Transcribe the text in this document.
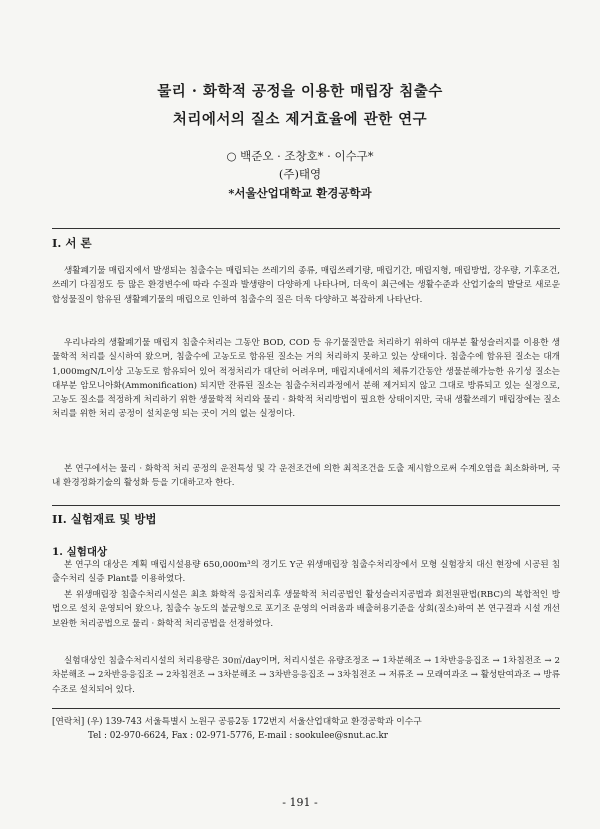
물리 · 화학적 공정을 이용한 매립장 침출수
처리에서의 질소 제거효율에 관한 연구
○ 백준오 · 조창호* · 이수구*
(주)태영
*서울산업대학교 환경공학과
I. 서 론
생활폐기물 매립지에서 발생되는 침출수는 매립되는 쓰레기의 종류, 매립쓰레기량, 매립기간, 매립지형, 매립방법, 강우량, 기후조건, 쓰레기 다짐정도 등 많은 환경변수에 따라 수질과 발생량이 다양하게 나타나며, 더욱이 최근에는 생활수준과 산업기술의 발달로 새로운 합성물질이 함유된 생활폐기물의 매립으로 인하여 침출수의 질은 더욱 다양하고 복잡하게 나타난다.
우리나라의 생활폐기물 매립지 침출수처리는 그동안 BOD, COD 등 유기물질만을 처리하기 위하여 대부분 활성슬러지를 이용한 생물학적 처리를 실시하여 왔으며, 침출수에 고농도로 함유된 질소는 거의 처리하지 못하고 있는 상태이다. 침출수에 함유된 질소는 대개 1,000mgN/L이상 고농도로 함유되어 있어 적정처리가 대단히 어려우며, 매립지내에서의 체류기간동안 생물분해가능한 유기성 질소는 대부분 암모니아화(Ammonification) 되지만 잔류된 질소는 침출수처리과정에서 분해 제거되지 않고 그대로 방류되고 있는 실정으로, 고농도 질소를 적정하게 처리하기 위한 생물학적 처리와 물리 · 화학적 처리방법이 필요한 상태이지만, 국내 생활쓰레기 매립장에는 질소처리를 위한 처리 공정이 설치운영 되는 곳이 거의 없는 실정이다.
본 연구에서는 물리 · 화학적 처리 공정의 운전특성 및 각 운전조건에 의한 최적조건을 도출 제시함으로써 수계오염을 최소화하며, 국내 환경정화기술의 활성화 등을 기대하고자 한다.
II. 실험재료 및 방법
1. 실험대상
본 연구의 대상은 계획 매립시설용량 650,000m³의 경기도 Y군 위생매립장 침출수처리장에서 모형 실험장치 대신 현장에 시공된 침출수처리 실증 Plant를 이용하였다.
본 위생매립장 침출수처리시설은 최초 화학적 응집처리후 생물학적 처리공법인 활성슬러지공법과 회전원판법(RBC)의 복합적인 방법으로 설치 운영되어 왔으나, 침출수 농도의 불균형으로 포기조 운영의 어려움과 배출허용기준을 상회(질소)하여 본 연구결과 시설 개선 보완한 처리공법으로 물리 · 화학적 처리공법을 선정하였다.
실험대상인 침출수처리시설의 처리용량은 30㎥/day이며, 처리시설은 유량조정조 → 1차분해조 → 1차반응응집조 → 1차침전조 → 2차분해조 → 2차반응응집조 → 2차침전조 → 3차분해조 → 3차반응응집조 → 3차침전조 → 저류조 → 모래여과조 → 활성탄여과조 → 방류수조로 설치되어 있다.
[연락처] (우) 139-743 서울특별시 노원구 공릉2동 172번지 서울산업대학교 환경공학과 이수구
Tel : 02-970-6624, Fax : 02-971-5776, E-mail : sookulee@snut.ac.kr
- 191 -
